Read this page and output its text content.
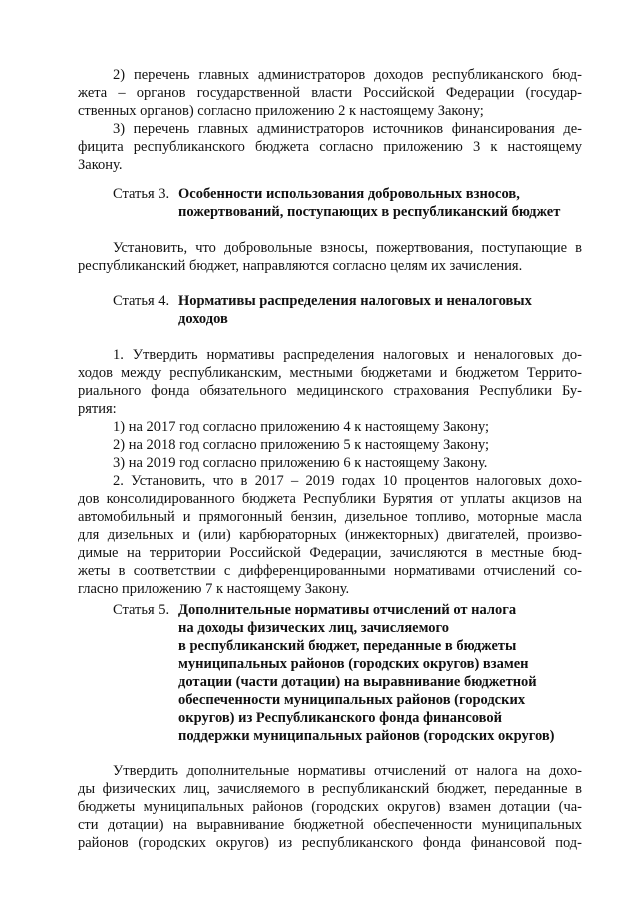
2) перечень главных администраторов доходов республиканского бюд-
жета – органов государственной власти Российской Федерации (государ-
ственных органов) согласно приложению 2 к настоящему Закону;
3) перечень главных администраторов источников финансирования де-
фицита республиканского бюджета согласно приложению 3 к настоящему
Закону.
Статья 3. Особенности использования добровольных взносов,
пожертвований, поступающих в республиканский бюджет
Установить, что добровольные взносы, пожертвования, поступающие в
республиканский бюджет, направляются согласно целям их зачисления.
Статья 4. Нормативы распределения налоговых и неналоговых
доходов
1. Утвердить нормативы распределения налоговых и неналоговых до-
ходов между республиканским, местными бюджетами и бюджетом Террито-
риального фонда обязательного медицинского страхования Республики Бу-
рятия:
1) на 2017 год согласно приложению 4 к настоящему Закону;
2) на 2018 год согласно приложению 5 к настоящему Закону;
3) на 2019 год согласно приложению 6 к настоящему Закону.
2. Установить, что в 2017 – 2019 годах 10 процентов налоговых дохо-
дов консолидированного бюджета Республики Бурятия от уплаты акцизов на
автомобильный и прямогонный бензин, дизельное топливо, моторные масла
для дизельных и (или) карбюраторных (инжекторных) двигателей, произво-
димые на территории Российской Федерации, зачисляются в местные бюд-
жеты в соответствии с дифференцированными нормативами отчислений со-
гласно приложению 7 к настоящему Закону.
Статья 5. Дополнительные нормативы отчислений от налога
на доходы физических лиц, зачисляемого
в республиканский бюджет, переданные в бюджеты
муниципальных районов (городских округов) взамен
дотации (части дотации) на выравнивание бюджетной
обеспеченности муниципальных районов (городских
округов) из Республиканского фонда финансовой
поддержки муниципальных районов (городских округов)
Утвердить дополнительные нормативы отчислений от налога на дохо-
ды физических лиц, зачисляемого в республиканский бюджет, переданные в
бюджеты муниципальных районов (городских округов) взамен дотации (ча-
сти дотации) на выравнивание бюджетной обеспеченности муниципальных
районов (городских округов) из республиканского фонда финансовой под-
